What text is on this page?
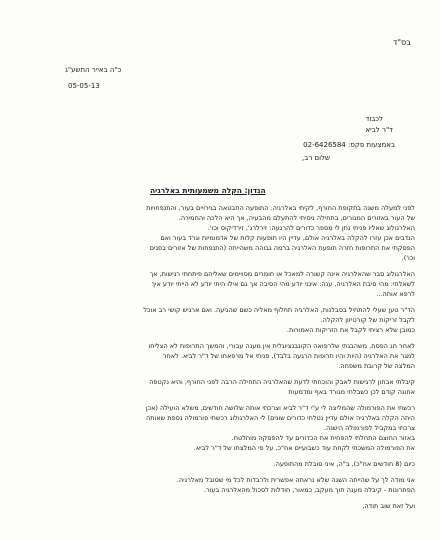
בס"ד
כ"ה באייר התשע"ג
05-05-13
לכבוד
ד"ר לביא
באמצעות פקס: 02-6426584
שלום רב,
הנדון: הקלה משמעותית באלרגיה

לפני למעלה משנה בתקופת החורף, לקיתי באלרגיה. התופעה התבטאה בגירויים בעור, והתנפחויות

של העור באזורים המגורים, בתחילה ניסיתי להתעלם מהבעיה, אך היא הלכה והחמירה.

האלרגולוג שאליו פניתי נתן לי מספר כדורים להרגעה: זירלרג', זירדיקוס וכו'.

הנדבים אכן עזרו להקלה באלרגיה אולם, עדיין היו תופעות קלות של אדמומיות וגרד בעור ואם

הפסקתי את התרופות חזרה תופעת האלרגיה ברמה גבוהה משהייתה (התנפחות של אזורים בפנים

וכו').

האלרגולוג סבר שהאלרגיה אינה קשורה למאכל או חומרים מסויימים שאליהם פיתחתי רגישות, אך

לשאלתי: מהי סיבת האלרגיה, ענה: אינני יודע מהי הסיבה אך גם אילו היתי יודע לא הייתי יודע איך

לרפא אותה...

הד"ר טען שעלי להתחיל בסבלנות, האלרגיה תחלוף מאליה כשם שהגיעה. ואם ארגיש קושי רב אוכל

לקבל זריקות של קורטיזון להקלה.

כמובן שלא רציתי לקבל את הזריקות האמורות.

לאחר חג הפסח, משהבנתי שלרפואה הקונבנציונלית אין מענה עבורי, והמשך התרופות לא הצליחו

למגר את האלרגיה (היות והיו תרופות הרגעה בלבד), פניתי אל מרפאתו של ד"ר לביא. לאחר

המלצה של קרובת משפחה.

קיבלתי אבחון לרגישות לאבק והוכחתי לדעת שהאלרגיה התחילה הרבה לפני החורף, והיא נקטפה

אחוגה קודם לכן כשבלתי מגורד באף ומדמעות

רכשתי את הפורמולה שהמליצה לי ע"י ד"ר לביא וצרכתי אותה שלושה חודשים, משלא הועילה (אכן

היתה הקלה באלרגיה אולם עדיין נטלתי כדורים שונים) לי האלרגולוג רכשתי פורמולה נספת שאותה

צרכתי במקביל לפורמולה הישנה.

באזור החוצם התחלתי להפחית את הכדורים עד להפסקה מוחלטת.

את הפורמולה המשכתי לקחת עוד כשבועיים אח"כ, על פי המלצתו של ד"ר לביא.

כיום (8 חודשים אח"כ), ב"ה, איני סובלת מהתופעה.

אני מודה לך על שהייתה השגה שלא נראתה אפשרית ולרבדות לכל מי שסובל מאלרגיה.

הפתרונות - קיבלה מענה תוך מעקב, כמאור, חודלות לסכול מהאלרגיה בעור.

ועל זאת שוב תודה,
